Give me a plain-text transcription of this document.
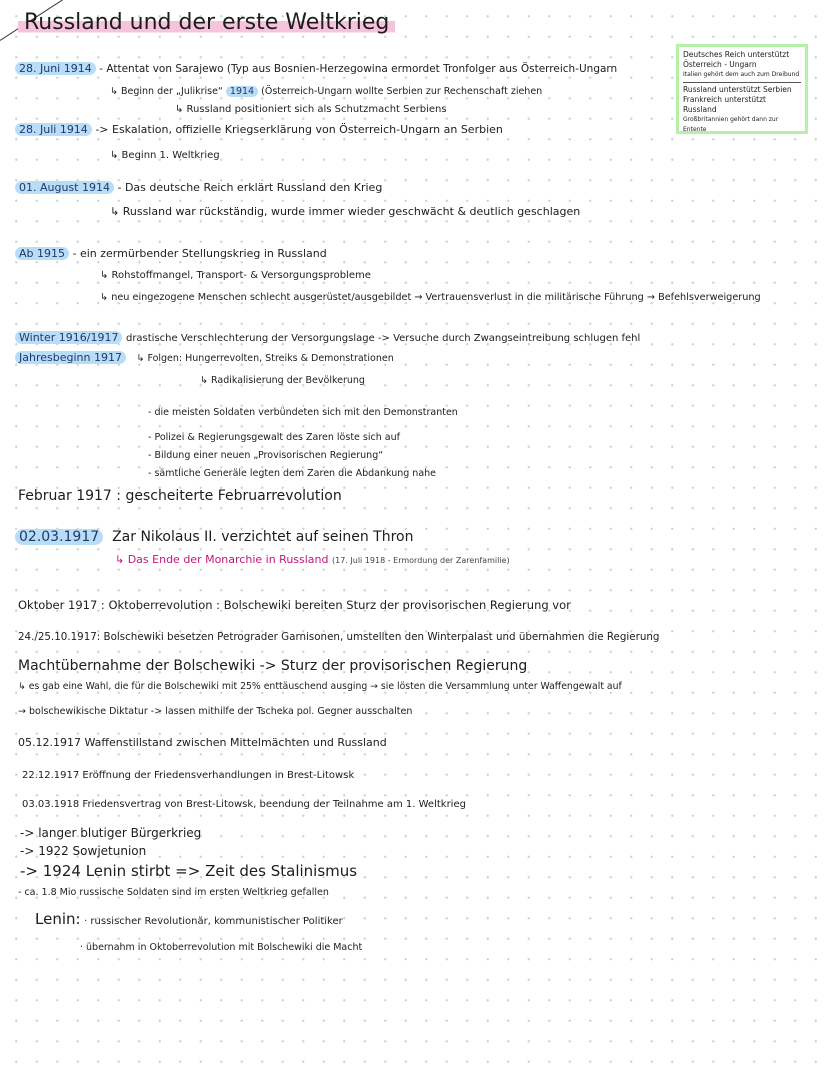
Russland und der erste Weltkrieg
Deutsches Reich unterstützt
Österreich - Ungarn
Italien gehört dem auch zum Dreibund
Russland unterstützt Serbien
Frankreich unterstützt Russland
Großbritannien gehört dann zur Entente
28. Juni 1914 - Attentat von Sarajewo (Typ aus Bosnien-Herzegowina ermordet Tronfolger aus Österreich-Ungarn
↳ Beginn der „Julikrise“ 1914 (Österreich-Ungarn wollte Serbien zur Rechenschaft ziehen
↳ Russland positioniert sich als Schutzmacht Serbiens
28. Juli 1914 -> Eskalation, offizielle Kriegserklärung von Österreich-Ungarn an Serbien
↳ Beginn 1. Weltkrieg
01. August 1914 - Das deutsche Reich erklärt Russland den Krieg
↳ Russland war rückständig, wurde immer wieder geschwächt & deutlich geschlagen
Ab 1915 - ein zermürbender Stellungskrieg in Russland
↳ Rohstoffmangel, Transport- & Versorgungsprobleme
↳ neu eingezogene Menschen schlecht ausgerüstet/ausgebildet → Vertrauensverlust in die militärische Führung → Befehlsverweigerung
Winter 1916/1917 drastische Verschlechterung der Versorgungslage -> Versuche durch Zwangseintreibung schlugen fehl
Jahresbeginn 1917 ↳ Folgen: Hungerrevolten, Streiks & Demonstrationen
↳ Radikalisierung der Bevölkerung
- die meisten Soldaten verbündeten sich mit den Demonstranten
- Polizei & Regierungsgewalt des Zaren löste sich auf
- Bildung einer neuen „Provisorischen Regierung“
- sämtliche Generäle legten dem Zaren die Abdankung nahe
Februar 1917 : gescheiterte Februarrevolution
02.03.1917 Zar Nikolaus II. verzichtet auf seinen Thron
↳ Das Ende der Monarchie in Russland (17. Juli 1918 - Ermordung der Zarenfamilie)
Oktober 1917 : Oktoberrevolution : Bolschewiki bereiten Sturz der provisorischen Regierung vor
24./25.10.1917: Bolschewiki besetzen Petrograder Garnisonen, umstellten den Winterpalast und übernahmen die Regierung
Machtübernahme der Bolschewiki -> Sturz der provisorischen Regierung
↳ es gab eine Wahl, die für die Bolschewiki mit 25% enttäuschend ausging → sie lösten die Versammlung unter Waffengewalt auf
→ bolschewikische Diktatur -> lassen mithilfe der Tscheka pol. Gegner ausschalten
05.12.1917 Waffenstillstand zwischen Mittelmächten und Russland
22.12.1917 Eröffnung der Friedensverhandlungen in Brest-Litowsk
03.03.1918 Friedensvertrag von Brest-Litowsk, beendung der Teilnahme am 1. Weltkrieg
-> langer blutiger Bürgerkrieg
-> 1922 Sowjetunion
-> 1924 Lenin stirbt => Zeit des Stalinismus
- ca. 1.8 Mio russische Soldaten sind im ersten Weltkrieg gefallen
Lenin: · russischer Revolutionär, kommunistischer Politiker
· übernahm in Oktoberrevolution mit Bolschewiki die Macht
